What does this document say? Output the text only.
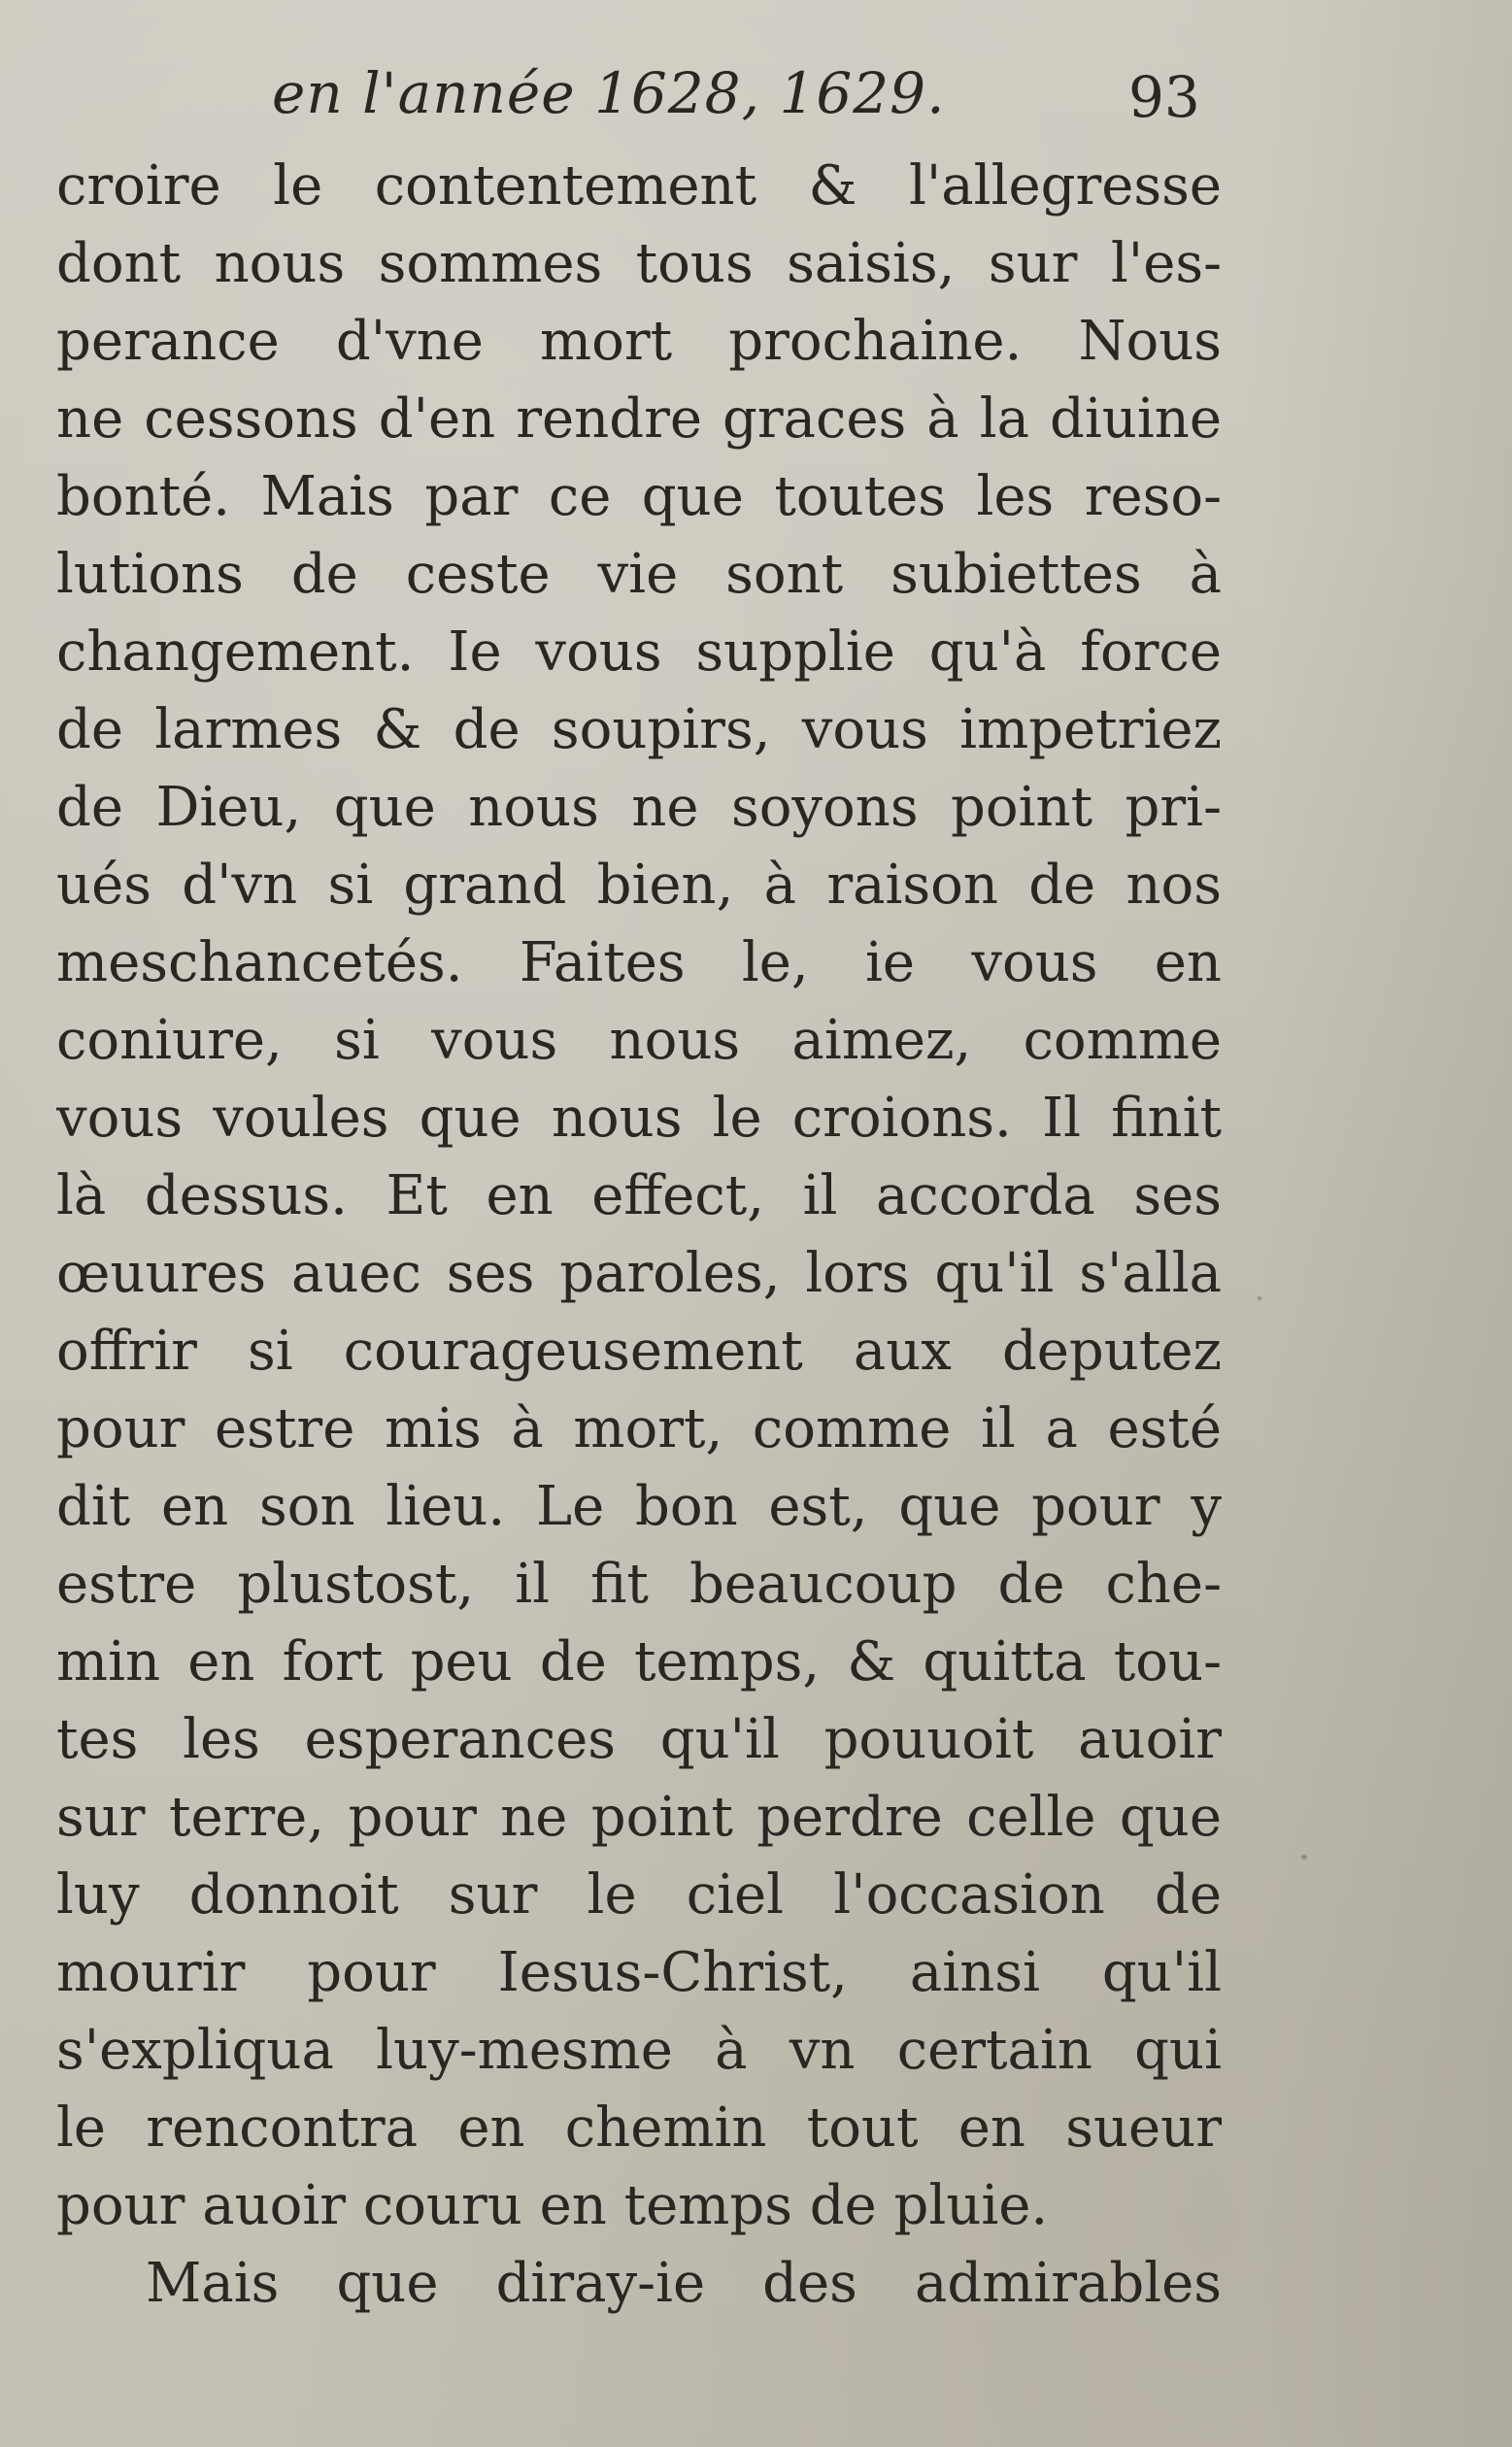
en l'année 1628, 1629.	93
croire le contentement & l'allegresse
dont nous sommes tous saisis, sur l'es-
perance d'vne mort prochaine. Nous
ne cessons d'en rendre graces à la diuine
bonté. Mais par ce que toutes les reso-
lutions de ceste vie sont subiettes à
changement. Ie vous supplie qu'à force
de larmes & de soupirs, vous impetriez
de Dieu, que nous ne soyons point pri-
ués d'vn si grand bien, à raison de nos
meschancetés. Faites le, ie vous en
coniure, si vous nous aimez, comme
vous voules que nous le croions. Il finit
là dessus. Et en effect, il accorda ses
œuures auec ses paroles, lors qu'il s'alla
offrir si courageusement aux deputez
pour estre mis à mort, comme il a esté
dit en son lieu. Le bon est, que pour y
estre plustost, il fit beaucoup de che-
min en fort peu de temps, & quitta tou-
tes les esperances qu'il pouuoit auoir
sur terre, pour ne point perdre celle que
luy donnoit sur le ciel l'occasion de
mourir pour Iesus-Christ, ainsi qu'il
s'expliqua luy-mesme à vn certain qui
le rencontra en chemin tout en sueur
pour auoir couru en temps de pluie.
Mais que diray-ie des admirables
